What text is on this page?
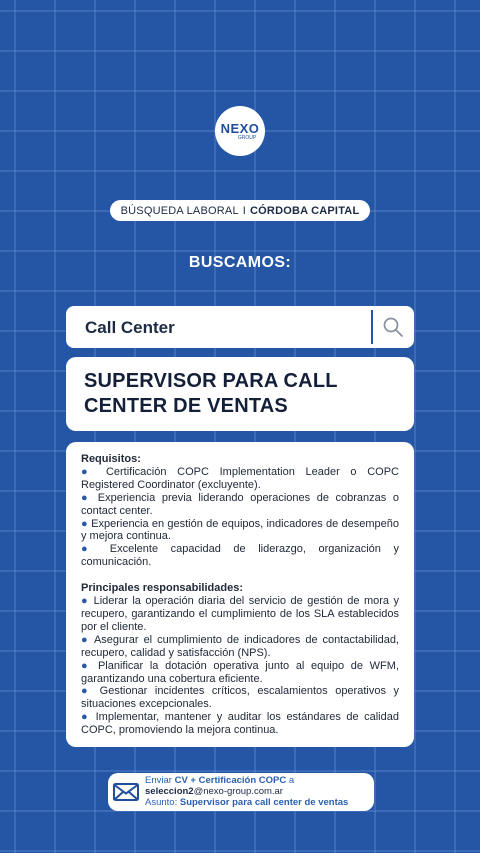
NEXO
GROUP
BÚSQUEDA LABORAL I CÓRDOBA CAPITAL
BUSCAMOS:
Call Center
SUPERVISOR PARA CALL CENTER DE VENTAS
Requisitos:
● Certificación COPC Implementation Leader o COPC Registered Coordinator (excluyente).
● Experiencia previa liderando operaciones de cobranzas o contact center.
● Experiencia en gestión de equipos, indicadores de desempeño y mejora continua.
● Excelente capacidad de liderazgo, organización y comunicación.
Principales responsabilidades:
● Liderar la operación diaria del servicio de gestión de mora y recupero, garantizando el cumplimiento de los SLA establecidos por el cliente.
● Asegurar el cumplimiento de indicadores de contactabilidad, recupero, calidad y satisfacción (NPS).
● Planificar la dotación operativa junto al equipo de WFM, garantizando una cobertura eficiente.
● Gestionar incidentes críticos, escalamientos operativos y situaciones excepcionales.
● Implementar, mantener y auditar los estándares de calidad COPC, promoviendo la mejora continua.
Enviar CV + Certificación COPC a
seleccion2@nexo-group.com.ar
Asunto: Supervisor para call center de ventas
